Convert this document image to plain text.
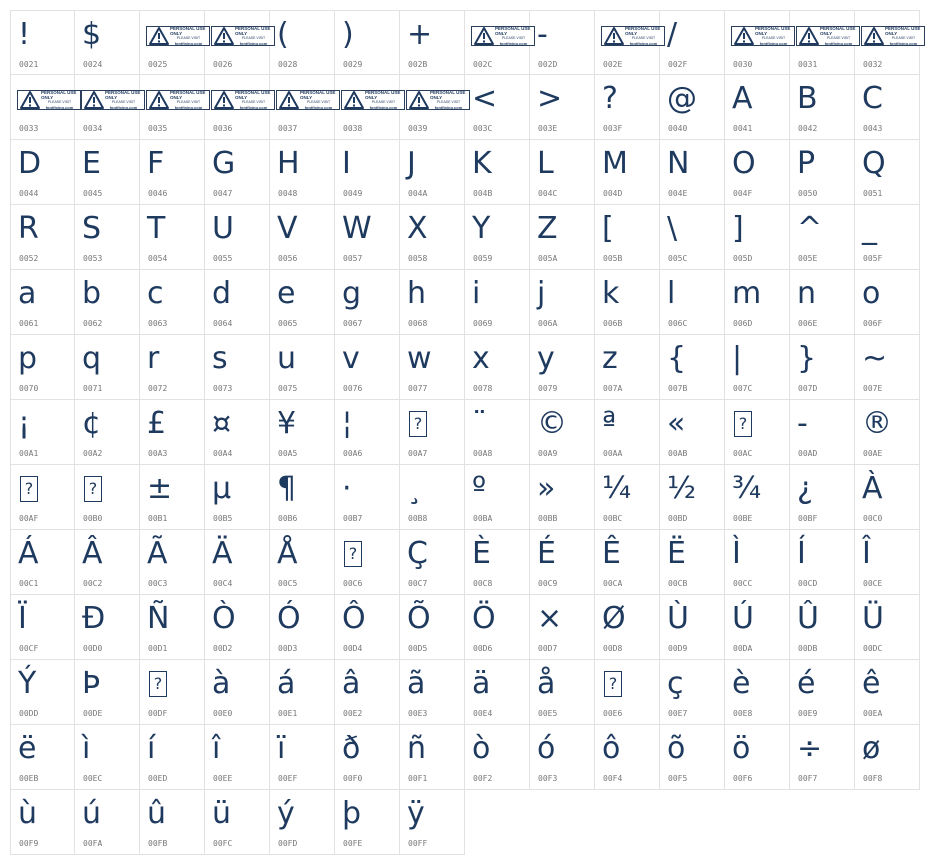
!
0021
$
0024
PERSONAL USE ONLY
PLEASE VISIT
fontfixing.com
0025
PERSONAL USE ONLY
PLEASE VISIT
fontfixing.com
0026
(
0028
)
0029
+
002B
PERSONAL USE ONLY
PLEASE VISIT
fontfixing.com
002C
-
002D
PERSONAL USE ONLY
PLEASE VISIT
fontfixing.com
002E
/
002F
PERSONAL USE ONLY
PLEASE VISIT
fontfixing.com
0030
PERSONAL USE ONLY
PLEASE VISIT
fontfixing.com
0031
PERSONAL USE ONLY
PLEASE VISIT
fontfixing.com
0032
PERSONAL USE ONLY
PLEASE VISIT
fontfixing.com
0033
PERSONAL USE ONLY
PLEASE VISIT
fontfixing.com
0034
PERSONAL USE ONLY
PLEASE VISIT
fontfixing.com
0035
PERSONAL USE ONLY
PLEASE VISIT
fontfixing.com
0036
PERSONAL USE ONLY
PLEASE VISIT
fontfixing.com
0037
PERSONAL USE ONLY
PLEASE VISIT
fontfixing.com
0038
PERSONAL USE ONLY
PLEASE VISIT
fontfixing.com
0039
<
003C
>
003E
?
003F
@
0040
A
0041
B
0042
C
0043
D
0044
E
0045
F
0046
G
0047
H
0048
I
0049
J
004A
K
004B
L
004C
M
004D
N
004E
O
004F
P
0050
Q
0051
R
0052
S
0053
T
0054
U
0055
V
0056
W
0057
X
0058
Y
0059
Z
005A
[
005B
\
005C
]
005D
^
005E
_
005F
a
0061
b
0062
c
0063
d
0064
e
0065
g
0067
h
0068
i
0069
j
006A
k
006B
l
006C
m
006D
n
006E
o
006F
p
0070
q
0071
r
0072
s
0073
u
0075
v
0076
w
0077
x
0078
y
0079
z
007A
{
007B
|
007C
}
007D
~
007E
¡
00A1
¢
00A2
£
00A3
¤
00A4
¥
00A5
¦
00A6
?
00A7
¨
00A8
©
00A9
ª
00AA
«
00AB
?
00AC
-
00AD
®
00AE
?
00AF
?
00B0
±
00B1
µ
00B5
¶
00B6
·
00B7
¸
00B8
º
00BA
»
00BB
¼
00BC
½
00BD
¾
00BE
¿
00BF
À
00C0
Á
00C1
Â
00C2
Ã
00C3
Ä
00C4
Å
00C5
?
00C6
Ç
00C7
È
00C8
É
00C9
Ê
00CA
Ë
00CB
Ì
00CC
Í
00CD
Î
00CE
Ï
00CF
Đ
00D0
Ñ
00D1
Ò
00D2
Ó
00D3
Ô
00D4
Õ
00D5
Ö
00D6
×
00D7
Ø
00D8
Ù
00D9
Ú
00DA
Û
00DB
Ü
00DC
Ý
00DD
Þ
00DE
?
00DF
à
00E0
á
00E1
â
00E2
ã
00E3
ä
00E4
å
00E5
?
00E6
ç
00E7
è
00E8
é
00E9
ê
00EA
ë
00EB
ì
00EC
í
00ED
î
00EE
ï
00EF
ð
00F0
ñ
00F1
ò
00F2
ó
00F3
ô
00F4
õ
00F5
ö
00F6
÷
00F7
ø
00F8
ù
00F9
ú
00FA
û
00FB
ü
00FC
ý
00FD
þ
00FE
ÿ
00FF
